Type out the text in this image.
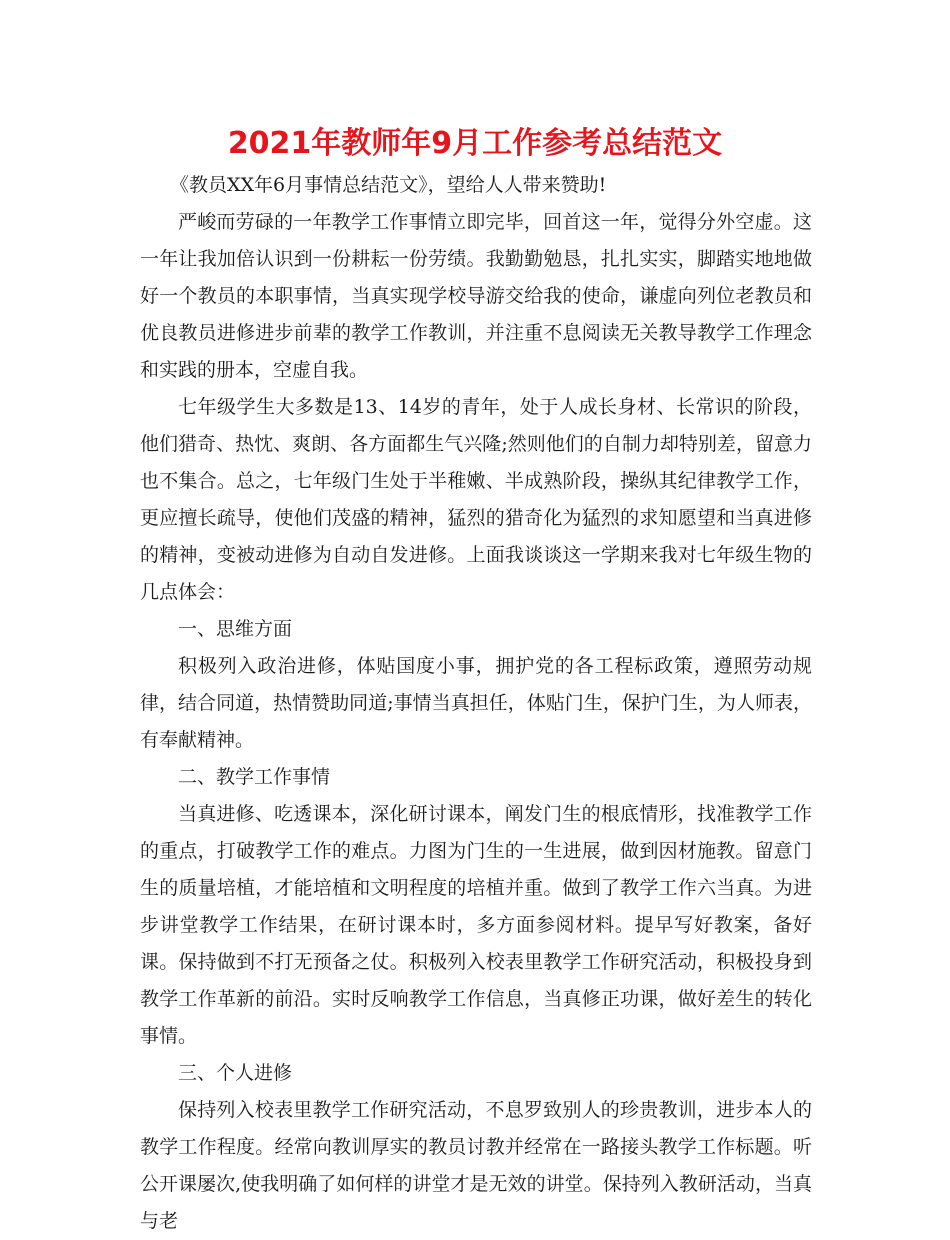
2021年教师年9月工作参考总结范文

《教员XX年6月事情总结范文》，望给人人带来赞助!

严峻而劳碌的一年教学工作事情立即完毕，回首这一年，觉得分外空虚。这一年让我加倍认识到一份耕耘一份劳绩。我勤勤勉恳，扎扎实实，脚踏实地地做好一个教员的本职事情，当真实现学校导游交给我的使命，谦虚向列位老教员和优良教员进修进步前辈的教学工作教训，并注重不息阅读无关教导教学工作理念和实践的册本，空虚自我。

七年级学生大多数是13、14岁的青年，处于人成长身材、长常识的阶段，他们猎奇、热忱、爽朗、各方面都生气兴隆;然则他们的自制力却特别差，留意力也不集合。总之，七年级门生处于半稚嫩、半成熟阶段，操纵其纪律教学工作，更应擅长疏导，使他们茂盛的精神，猛烈的猎奇化为猛烈的求知愿望和当真进修的精神，变被动进修为自动自发进修。上面我谈谈这一学期来我对七年级生物的几点体会：

一、思维方面

积极列入政治进修，体贴国度小事，拥护党的各工程标政策，遵照劳动规律，结合同道，热情赞助同道;事情当真担任，体贴门生，保护门生，为人师表，有奉献精神。

二、教学工作事情

当真进修、吃透课本，深化研讨课本，阐发门生的根底情形，找准教学工作的重点，打破教学工作的难点。力图为门生的一生进展，做到因材施教。留意门生的质量培植，才能培植和文明程度的培植并重。做到了教学工作六当真。为进步讲堂教学工作结果，在研讨课本时，多方面参阅材料。提早写好教案，备好课。保持做到不打无预备之仗。积极列入校表里教学工作研究活动，积极投身到教学工作革新的前沿。实时反响教学工作信息，当真修正功课，做好差生的转化事情。

三、个人进修

保持列入校表里教学工作研究活动，不息罗致别人的珍贵教训，进步本人的教学工作程度。经常向教训厚实的教员讨教并经常在一路接头教学工作标题。听公开课屡次,使我明确了如何样的讲堂才是无效的讲堂。保持列入教研活动，当真与老
